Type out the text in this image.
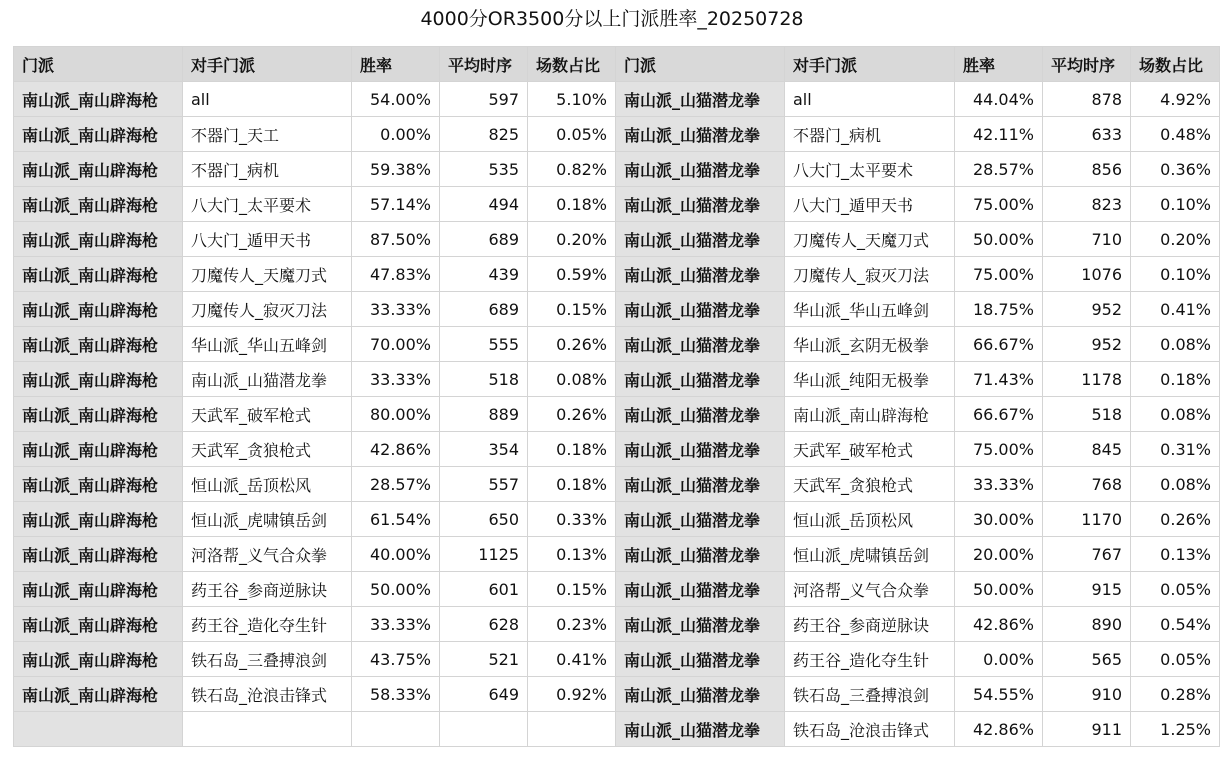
4000分OR3500分以上门派胜率_20250728
门派	对手门派	胜率	平均时序	场数占比	门派	对手门派	胜率	平均时序	场数占比
南山派_南山辟海枪	all	54.00%	597	5.10%	南山派_山猫潜龙拳	all	44.04%	878	4.92%
南山派_南山辟海枪	不器门_天工	0.00%	825	0.05%	南山派_山猫潜龙拳	不器门_病机	42.11%	633	0.48%
南山派_南山辟海枪	不器门_病机	59.38%	535	0.82%	南山派_山猫潜龙拳	八大门_太平要术	28.57%	856	0.36%
南山派_南山辟海枪	八大门_太平要术	57.14%	494	0.18%	南山派_山猫潜龙拳	八大门_遁甲天书	75.00%	823	0.10%
南山派_南山辟海枪	八大门_遁甲天书	87.50%	689	0.20%	南山派_山猫潜龙拳	刀魔传人_天魔刀式	50.00%	710	0.20%
南山派_南山辟海枪	刀魔传人_天魔刀式	47.83%	439	0.59%	南山派_山猫潜龙拳	刀魔传人_寂灭刀法	75.00%	1076	0.10%
南山派_南山辟海枪	刀魔传人_寂灭刀法	33.33%	689	0.15%	南山派_山猫潜龙拳	华山派_华山五峰剑	18.75%	952	0.41%
南山派_南山辟海枪	华山派_华山五峰剑	70.00%	555	0.26%	南山派_山猫潜龙拳	华山派_玄阴无极拳	66.67%	952	0.08%
南山派_南山辟海枪	南山派_山猫潜龙拳	33.33%	518	0.08%	南山派_山猫潜龙拳	华山派_纯阳无极拳	71.43%	1178	0.18%
南山派_南山辟海枪	天武军_破军枪式	80.00%	889	0.26%	南山派_山猫潜龙拳	南山派_南山辟海枪	66.67%	518	0.08%
南山派_南山辟海枪	天武军_贪狼枪式	42.86%	354	0.18%	南山派_山猫潜龙拳	天武军_破军枪式	75.00%	845	0.31%
南山派_南山辟海枪	恒山派_岳顶松风	28.57%	557	0.18%	南山派_山猫潜龙拳	天武军_贪狼枪式	33.33%	768	0.08%
南山派_南山辟海枪	恒山派_虎啸镇岳剑	61.54%	650	0.33%	南山派_山猫潜龙拳	恒山派_岳顶松风	30.00%	1170	0.26%
南山派_南山辟海枪	河洛帮_义气合众拳	40.00%	1125	0.13%	南山派_山猫潜龙拳	恒山派_虎啸镇岳剑	20.00%	767	0.13%
南山派_南山辟海枪	药王谷_参商逆脉诀	50.00%	601	0.15%	南山派_山猫潜龙拳	河洛帮_义气合众拳	50.00%	915	0.05%
南山派_南山辟海枪	药王谷_造化夺生针	33.33%	628	0.23%	南山派_山猫潜龙拳	药王谷_参商逆脉诀	42.86%	890	0.54%
南山派_南山辟海枪	铁石岛_三叠搏浪剑	43.75%	521	0.41%	南山派_山猫潜龙拳	药王谷_造化夺生针	0.00%	565	0.05%
南山派_南山辟海枪	铁石岛_沧浪击锋式	58.33%	649	0.92%	南山派_山猫潜龙拳	铁石岛_三叠搏浪剑	54.55%	910	0.28%
					南山派_山猫潜龙拳	铁石岛_沧浪击锋式	42.86%	911	1.25%
